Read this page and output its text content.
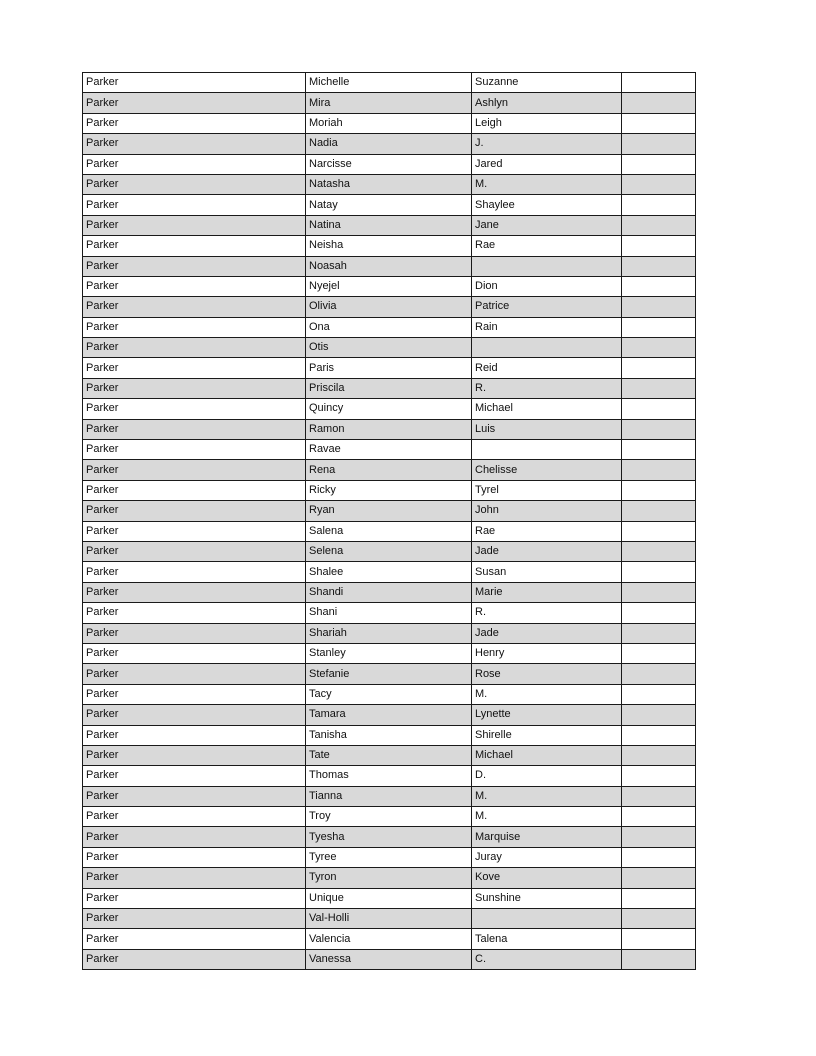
Parker	Michelle	Suzanne	
Parker	Mira	Ashlyn	
Parker	Moriah	Leigh	
Parker	Nadia	J.	
Parker	Narcisse	Jared	
Parker	Natasha	M.	
Parker	Natay	Shaylee	
Parker	Natina	Jane	
Parker	Neisha	Rae	
Parker	Noasah		
Parker	Nyejel	Dion	
Parker	Olivia	Patrice	
Parker	Ona	Rain	
Parker	Otis		
Parker	Paris	Reid	
Parker	Priscila	R.	
Parker	Quincy	Michael	
Parker	Ramon	Luis	
Parker	Ravae		
Parker	Rena	Chelisse	
Parker	Ricky	Tyrel	
Parker	Ryan	John	
Parker	Salena	Rae	
Parker	Selena	Jade	
Parker	Shalee	Susan	
Parker	Shandi	Marie	
Parker	Shani	R.	
Parker	Shariah	Jade	
Parker	Stanley	Henry	
Parker	Stefanie	Rose	
Parker	Tacy	M.	
Parker	Tamara	Lynette	
Parker	Tanisha	Shirelle	
Parker	Tate	Michael	
Parker	Thomas	D.	
Parker	Tianna	M.	
Parker	Troy	M.	
Parker	Tyesha	Marquise	
Parker	Tyree	Juray	
Parker	Tyron	Kove	
Parker	Unique	Sunshine	
Parker	Val-Holli		
Parker	Valencia	Talena	
Parker	Vanessa	C.	
